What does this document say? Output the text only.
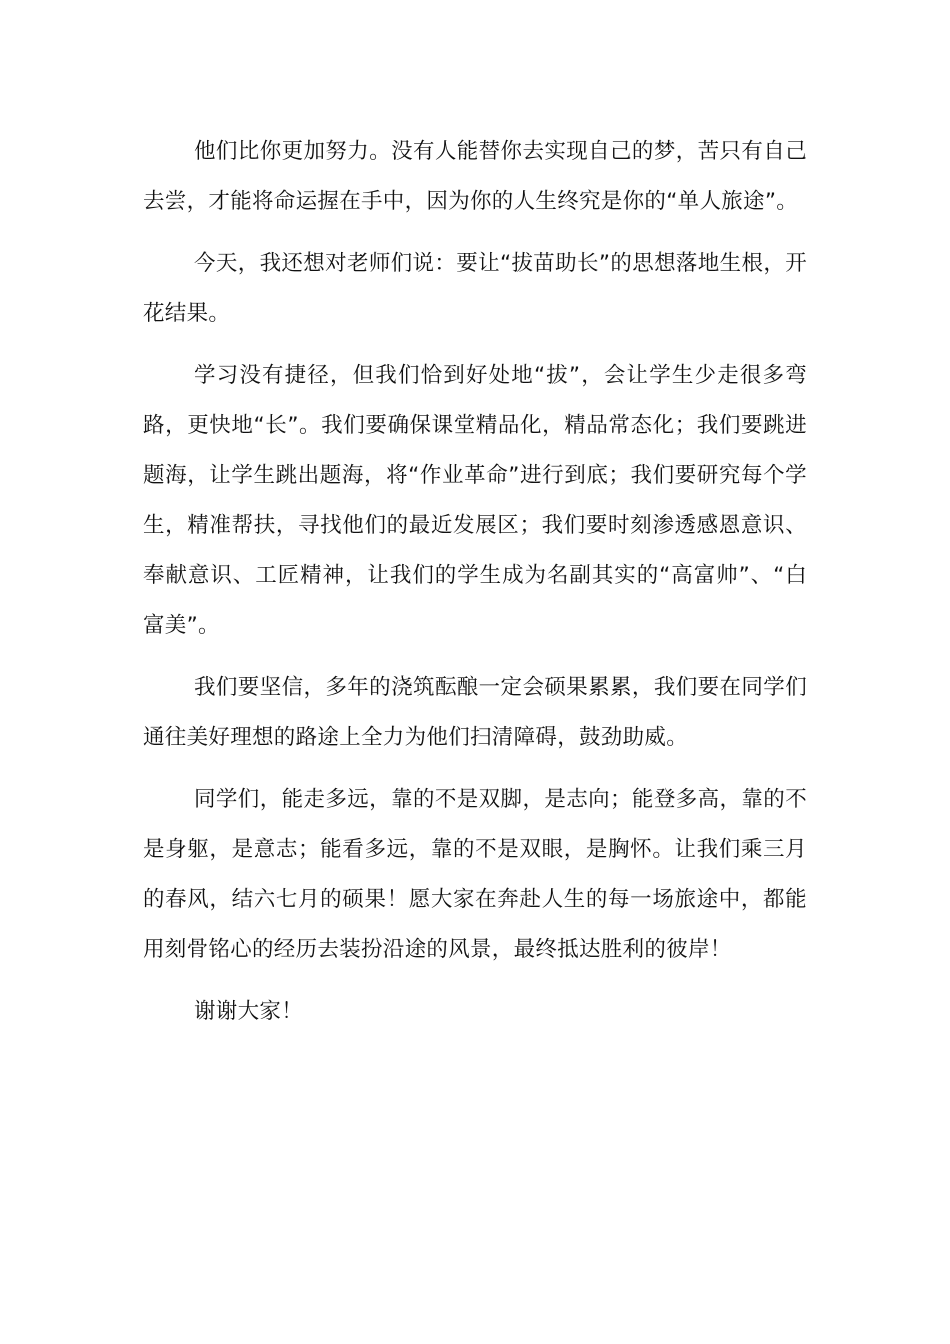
他们比你更加努力。没有人能替你去实现自己的梦，苦只有自己去尝，才能将命运握在手中，因为你的人生终究是你的“单人旅途”。

今天，我还想对老师们说：要让“拔苗助长”的思想落地生根，开花结果。

学习没有捷径，但我们恰到好处地“拔”，会让学生少走很多弯路，更快地“长”。我们要确保课堂精品化，精品常态化；我们要跳进题海，让学生跳出题海，将“作业革命”进行到底；我们要研究每个学生，精准帮扶，寻找他们的最近发展区；我们要时刻渗透感恩意识、奉献意识、工匠精神，让我们的学生成为名副其实的“高富帅”、“白富美”。

我们要坚信，多年的浇筑酝酿一定会硕果累累，我们要在同学们通往美好理想的路途上全力为他们扫清障碍，鼓劲助威。

同学们，能走多远，靠的不是双脚，是志向；能登多高，靠的不是身躯，是意志；能看多远，靠的不是双眼，是胸怀。让我们乘三月的春风，结六七月的硕果！愿大家在奔赴人生的每一场旅途中，都能用刻骨铭心的经历去装扮沿途的风景，最终抵达胜利的彼岸！

谢谢大家！
